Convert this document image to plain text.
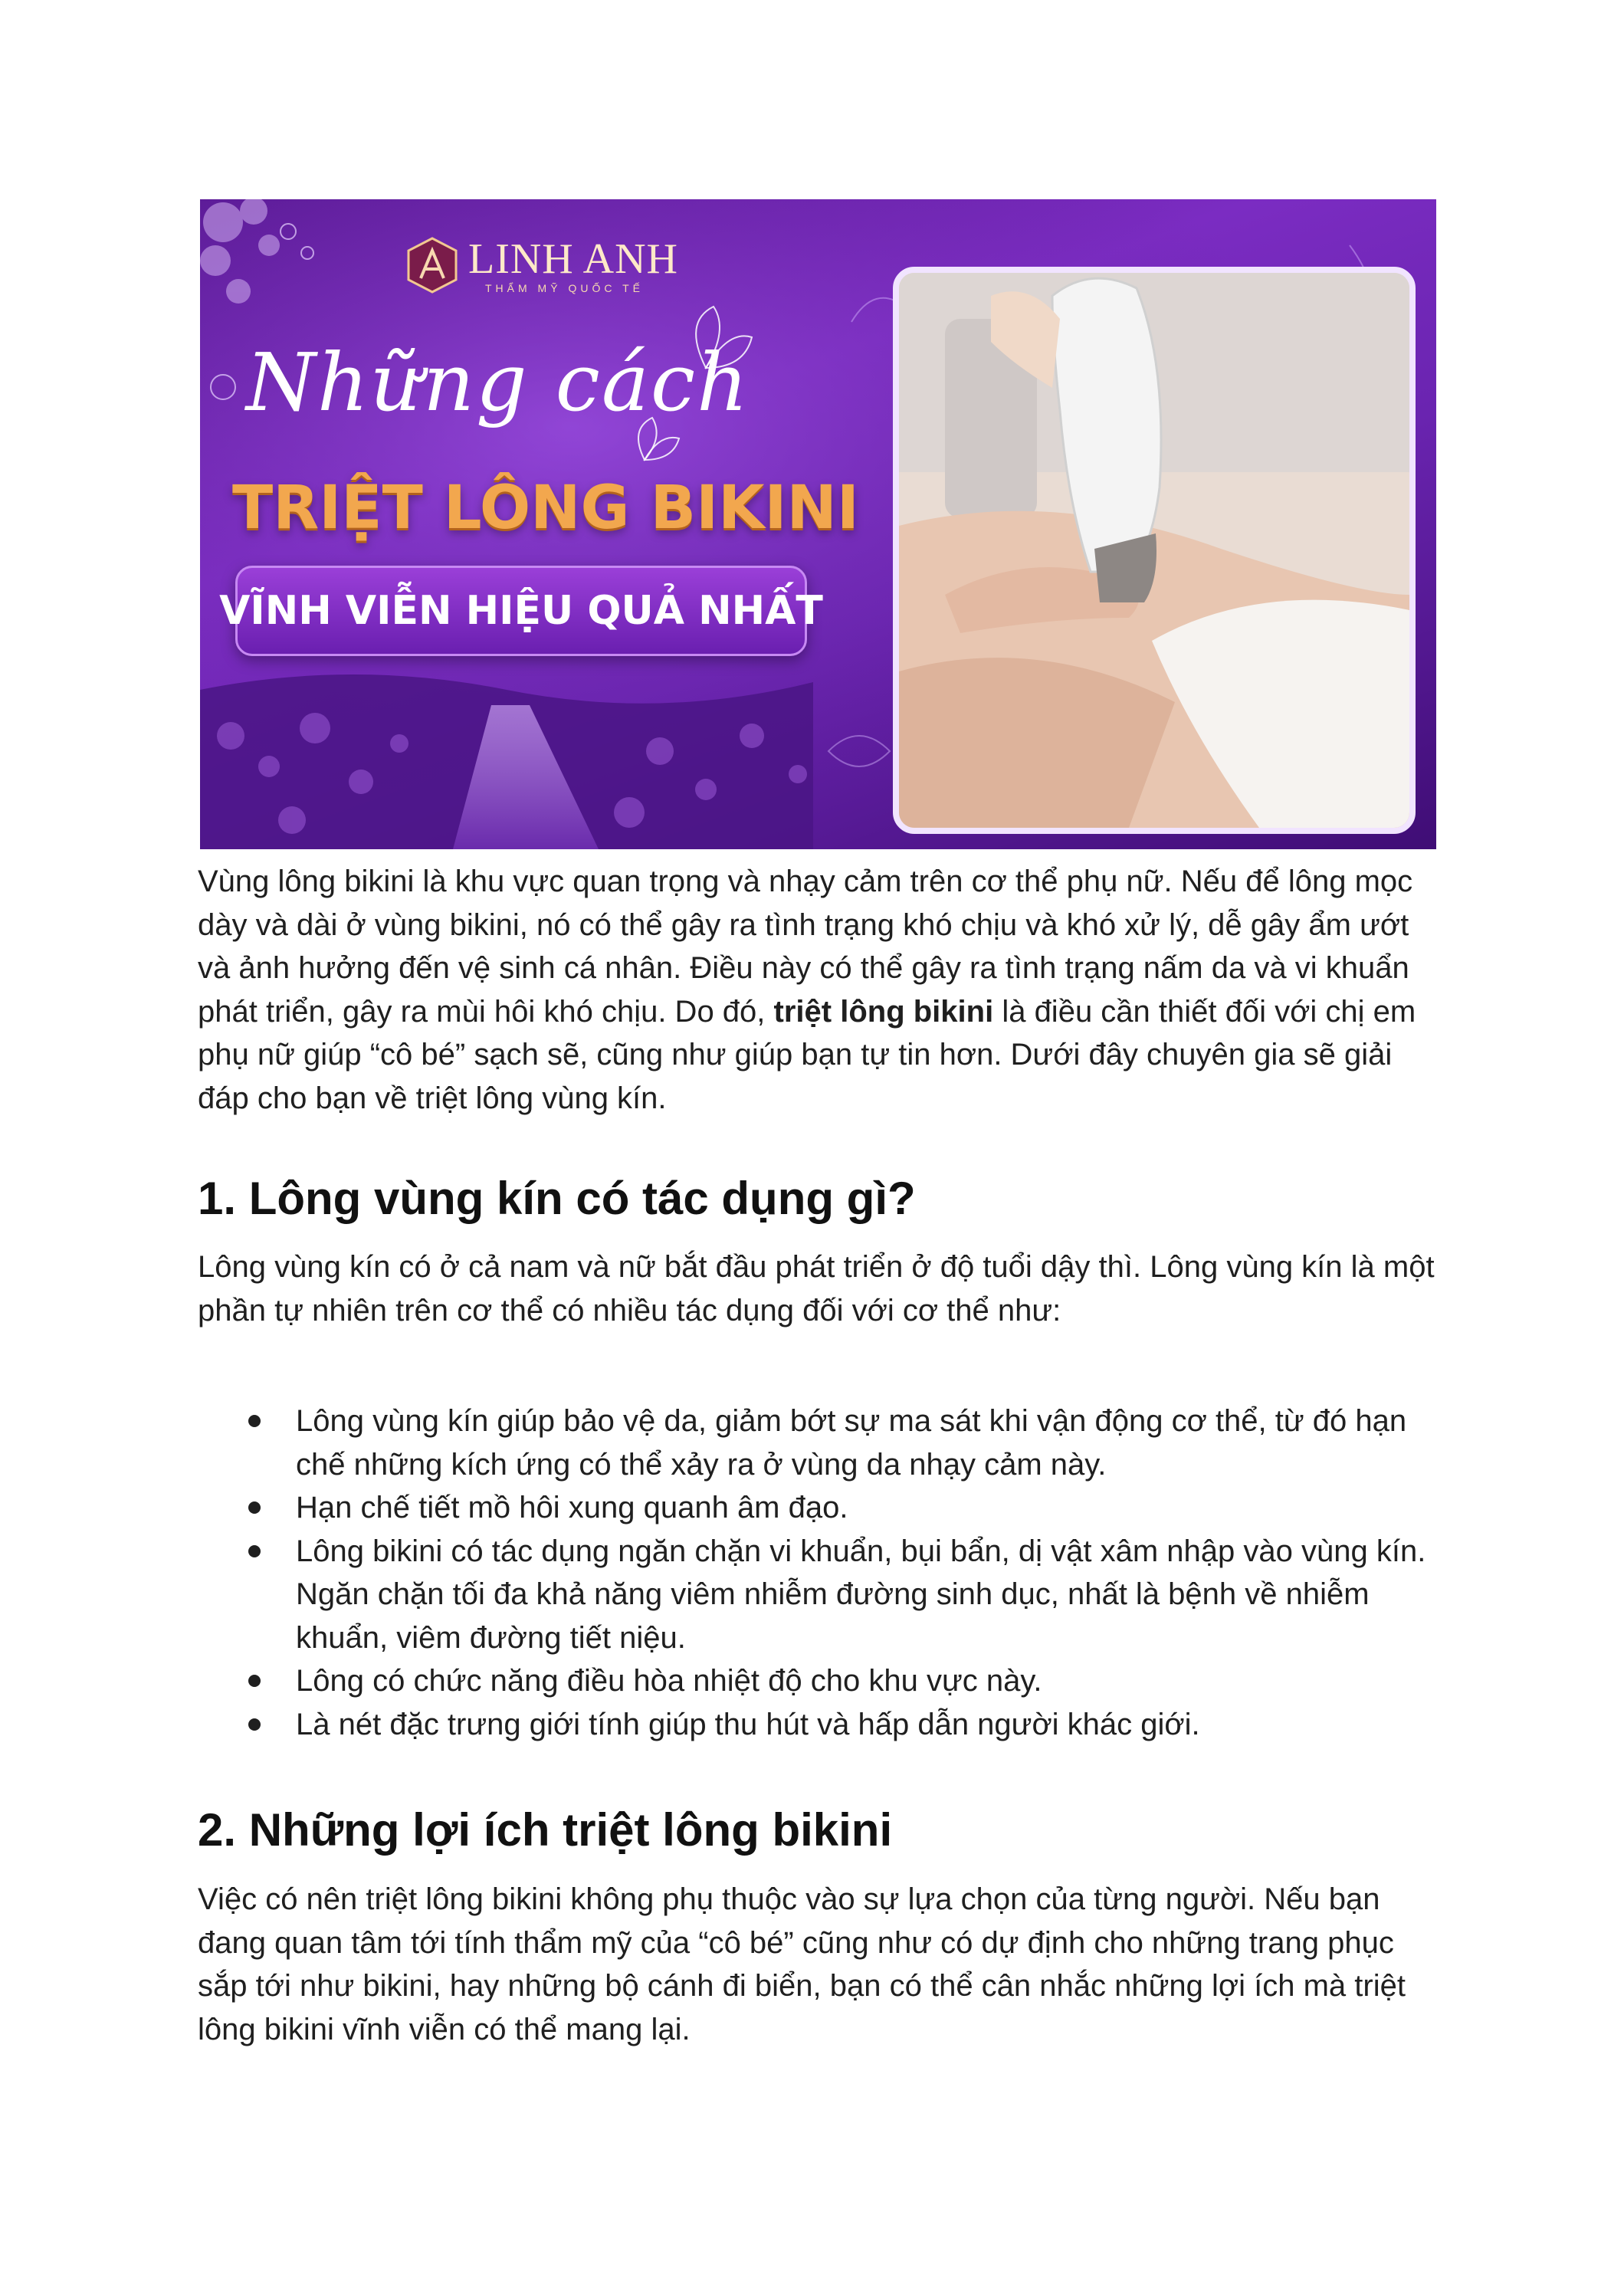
LINH ANH
THẨM MỸ QUỐC TẾ
Những cách
TRIỆT LÔNG BIKINI
VĨNH VIỄN HIỆU QUẢ NHẤT

Vùng lông bikini là khu vực quan trọng và nhạy cảm trên cơ thể phụ nữ. Nếu để lông mọc dày và dài ở vùng bikini, nó có thể gây ra tình trạng khó chịu và khó xử lý, dễ gây ẩm ướt và ảnh hưởng đến vệ sinh cá nhân. Điều này có thể gây ra tình trạng nấm da và vi khuẩn phát triển, gây ra mùi hôi khó chịu. Do đó, triệt lông bikini là điều cần thiết đối với chị em phụ nữ giúp “cô bé” sạch sẽ, cũng như giúp bạn tự tin hơn. Dưới đây chuyên gia sẽ giải đáp cho bạn về triệt lông vùng kín.

1. Lông vùng kín có tác dụng gì?

Lông vùng kín có ở cả nam và nữ bắt đầu phát triển ở độ tuổi dậy thì. Lông vùng kín là một phần tự nhiên trên cơ thể có nhiều tác dụng đối với cơ thể như:

Lông vùng kín giúp bảo vệ da, giảm bớt sự ma sát khi vận động cơ thể, từ đó hạn chế những kích ứng có thể xảy ra ở vùng da nhạy cảm này.
Hạn chế tiết mồ hôi xung quanh âm đạo.
Lông bikini có tác dụng ngăn chặn vi khuẩn, bụi bẩn, dị vật xâm nhập vào vùng kín. Ngăn chặn tối đa khả năng viêm nhiễm đường sinh dục, nhất là bệnh về nhiễm khuẩn, viêm đường tiết niệu.
Lông có chức năng điều hòa nhiệt độ cho khu vực này.
Là nét đặc trưng giới tính giúp thu hút và hấp dẫn người khác giới.
2. Những lợi ích triệt lông bikini

Việc có nên triệt lông bikini không phụ thuộc vào sự lựa chọn của từng người. Nếu bạn đang quan tâm tới tính thẩm mỹ của “cô bé” cũng như có dự định cho những trang phục sắp tới như bikini, hay những bộ cánh đi biển, bạn có thể cân nhắc những lợi ích mà triệt lông bikini vĩnh viễn có thể mang lại.
